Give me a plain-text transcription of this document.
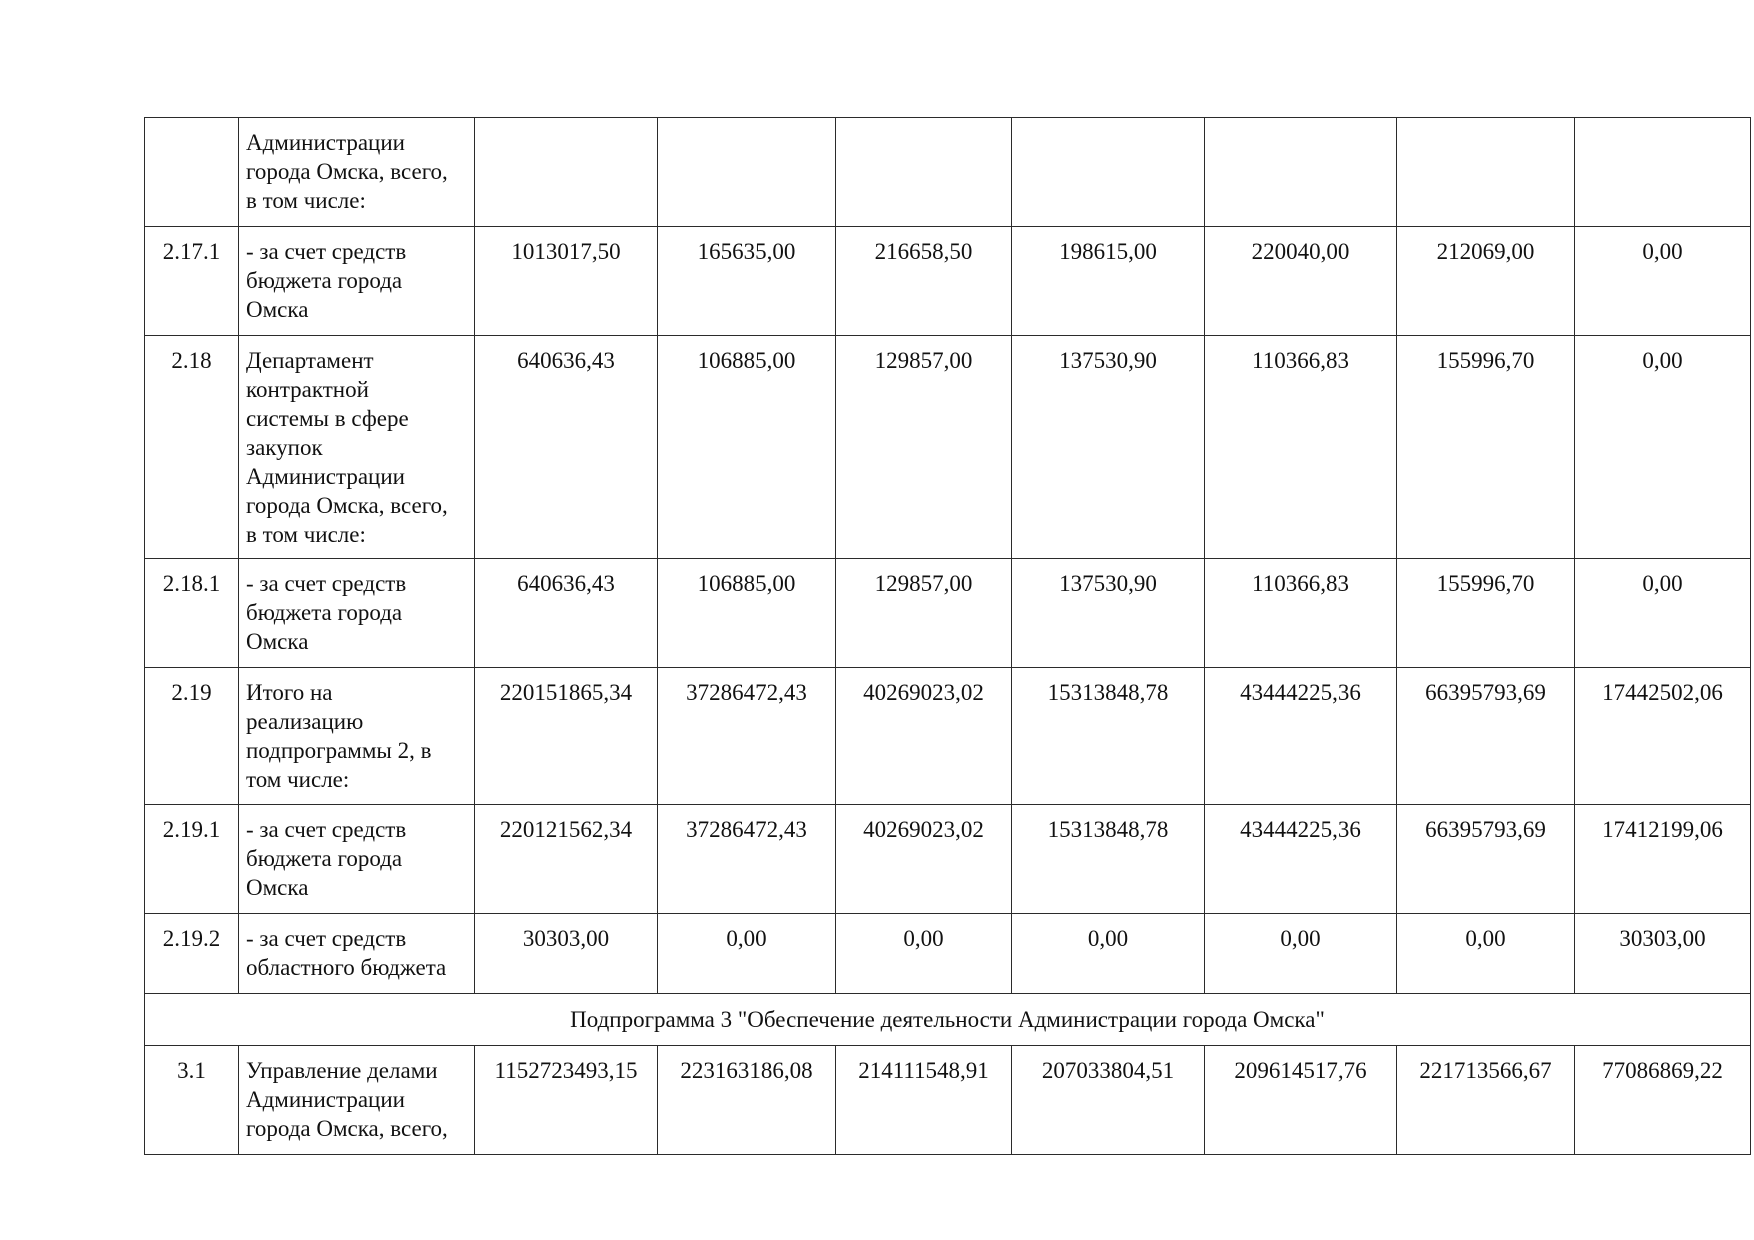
	Администрации
города Омска, всего,
в том числе:							

2.17.1	- за счет средств
бюджета города
Омска	1013017,50	165635,00	216658,50	198615,00	220040,00	212069,00	0,00
2.18	Департамент
контрактной
системы в сфере
закупок
Администрации
города Омска, всего,
в том числе:
	640636,43	106885,00	129857,00	137530,90	110366,83	155996,70	0,00
2.18.1	- за счет средств
бюджета города
Омска	640636,43	106885,00	129857,00	137530,90	110366,83	155996,70	0,00
2.19	Итого на
реализацию
подпрограммы 2, в
том числе:	220151865,34	37286472,43	40269023,02	15313848,78	43444225,36	66395793,69	17442502,06
2.19.1	- за счет средств
бюджета города
Омска	220121562,34	37286472,43	40269023,02	15313848,78	43444225,36	66395793,69	17412199,06
2.19.2	- за счет средств
областного бюджета	30303,00	0,00	0,00	0,00	0,00	0,00	30303,00
Подпрограмма 3 "Обеспечение деятельности Администрации города Омска"								
3.1	Управление делами
Администрации
города Омска, всего,	1152723493,15	223163186,08	214111548,91	207033804,51	209614517,76	221713566,67	77086869,22
